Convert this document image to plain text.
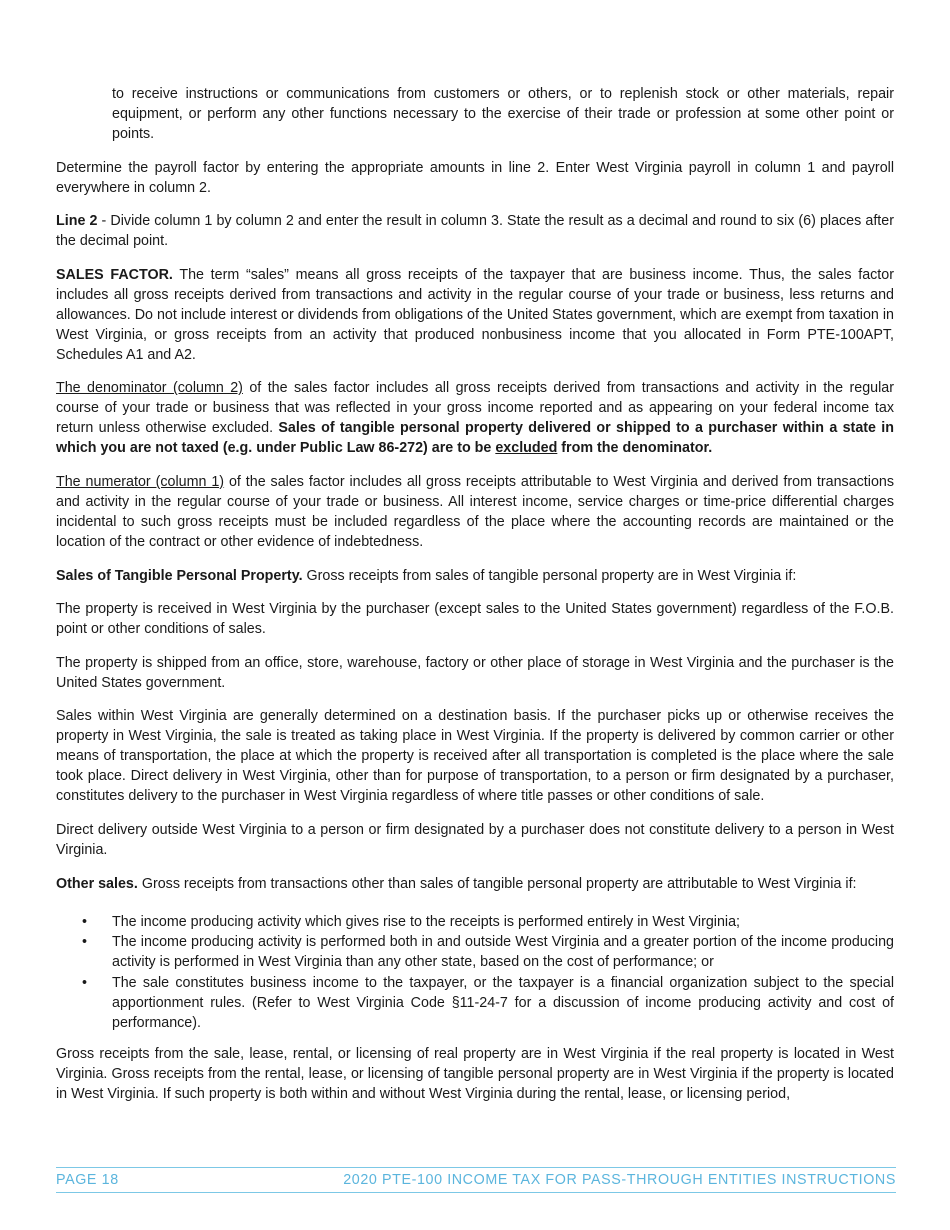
to receive instructions or communications from customers or others, or to replenish stock or other materials, repair equipment, or perform any other functions necessary to the exercise of their trade or profession at some other point or points.

Determine the payroll factor by entering the appropriate amounts in line 2. Enter West Virginia payroll in column 1 and payroll everywhere in column 2.

Line 2 - Divide column 1 by column 2 and enter the result in column 3. State the result as a decimal and round to six (6) places after the decimal point.

SALES FACTOR. The term “sales” means all gross receipts of the taxpayer that are business income. Thus, the sales factor includes all gross receipts derived from transactions and activity in the regular course of your trade or business, less returns and allowances. Do not include interest or dividends from obligations of the United States government, which are exempt from taxation in West Virginia, or gross receipts from an activity that produced nonbusiness income that you allocated in Form PTE-100APT, Schedules A1 and A2.

The denominator (column 2) of the sales factor includes all gross receipts derived from transactions and activity in the regular course of your trade or business that was reflected in your gross income reported and as appearing on your federal income tax return unless otherwise excluded. Sales of tangible personal property delivered or shipped to a purchaser within a state in which you are not taxed (e.g. under Public Law 86-272) are to be excluded from the denominator.

The numerator (column 1) of the sales factor includes all gross receipts attributable to West Virginia and derived from transactions and activity in the regular course of your trade or business. All interest income, service charges or time-price differential charges incidental to such gross receipts must be included regardless of the place where the accounting records are maintained or the location of the contract or other evidence of indebtedness.

Sales of Tangible Personal Property. Gross receipts from sales of tangible personal property are in West Virginia if:

The property is received in West Virginia by the purchaser (except sales to the United States government) regardless of the F.O.B. point or other conditions of sales.

The property is shipped from an office, store, warehouse, factory or other place of storage in West Virginia and the purchaser is the United States government.

Sales within West Virginia are generally determined on a destination basis. If the purchaser picks up or otherwise receives the property in West Virginia, the sale is treated as taking place in West Virginia. If the property is delivered by common carrier or other means of transportation, the place at which the property is received after all transportation is completed is the place where the sale took place. Direct delivery in West Virginia, other than for purpose of transportation, to a person or firm designated by a purchaser, constitutes delivery to the purchaser in West Virginia regardless of where title passes or other conditions of sale.

Direct delivery outside West Virginia to a person or firm designated by a purchaser does not constitute delivery to a person in West Virginia.

Other sales. Gross receipts from transactions other than sales of tangible personal property are attributable to West Virginia if:

• The income producing activity which gives rise to the receipts is performed entirely in West Virginia;
• The income producing activity is performed both in and outside West Virginia and a greater portion of the income producing activity is performed in West Virginia than any other state, based on the cost of performance; or
• The sale constitutes business income to the taxpayer, or the taxpayer is a financial organization subject to the special apportionment rules. (Refer to West Virginia Code §11-24-7 for a discussion of income producing activity and cost of performance).

Gross receipts from the sale, lease, rental, or licensing of real property are in West Virginia if the real property is located in West Virginia. Gross receipts from the rental, lease, or licensing of tangible personal property are in West Virginia if the property is located in West Virginia. If such property is both within and without West Virginia during the rental, lease, or licensing period,

PAGE 18	2020 PTE-100 INCOME TAX FOR PASS-THROUGH ENTITIES INSTRUCTIONS
